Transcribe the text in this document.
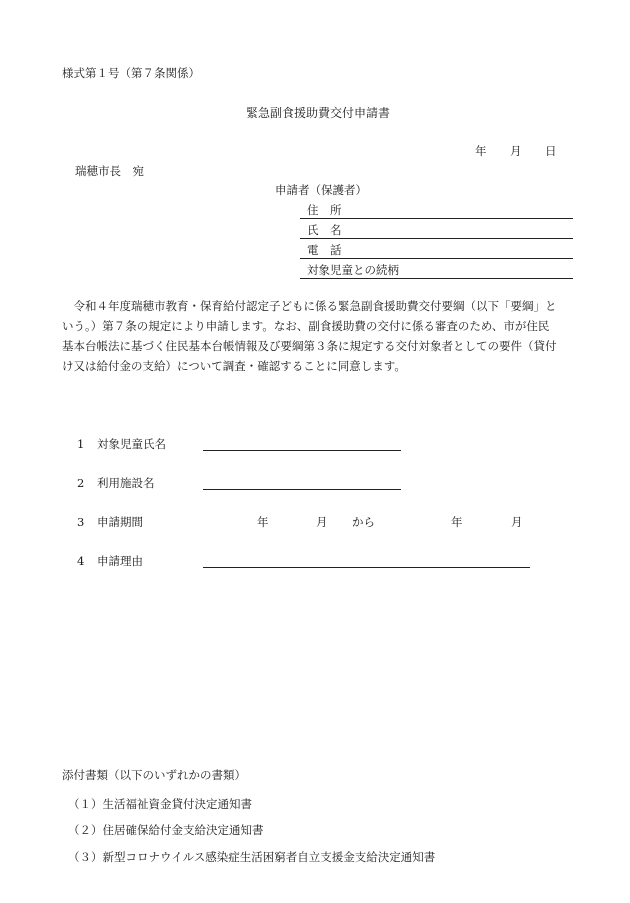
様式第１号（第７条関係）
緊急副食援助費交付申請書
年 月 日
瑞穂市長　宛
申請者（保護者）
住　所
氏　名
電　話
対象児童との続柄

　令和４年度瑞穂市教育・保育給付認定子どもに係る緊急副食援助費交付要綱（以下「要綱」と

いう。）第７条の規定により申請します。なお、副食援助費の交付に係る審査のため、市が住民

基本台帳法に基づく住民基本台帳情報及び要綱第３条に規定する交付対象者としての要件（貸付

け又は給付金の支給）について調査・確認することに同意します。

1 対象児童氏名
2 利用施設名
3 申請期間	年	月 から	年	月
4 申請理由
添付書類（以下のいずれかの書類）
（１）生活福祉資金貸付決定通知書
（２）住居確保給付金支給決定通知書
（３）新型コロナウイルス感染症生活困窮者自立支援金支給決定通知書
